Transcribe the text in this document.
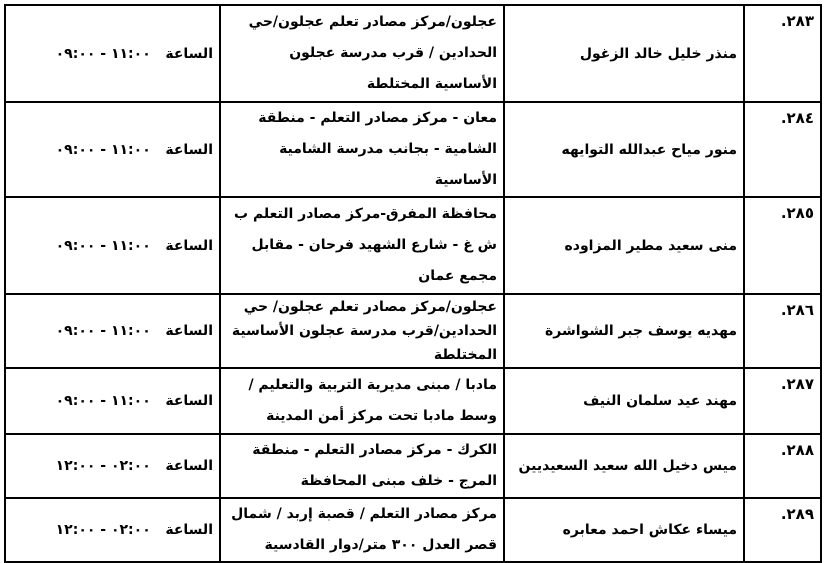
٢٨٣.	منذر خليل خالد الزغول	عجلون/مركز مصادر تعلم عجلون/حي الحدادين / قرب مدرسة عجلون الأساسية المختلطة	الساعة   ١١:٠٠ - ٠٩:٠٠
٢٨٤.	منور مياح عبدالله التوايهه	معان - مركز مصادر التعلم - منطقة الشامية - بجانب مدرسة الشامية الأساسية	الساعة   ١١:٠٠ - ٠٩:٠٠
٢٨٥.	منى سعيد مطير المزاوده	محافظة المفرق-مركز مصادر التعلم ب ش غ - شارع الشهيد فرحان - مقابل مجمع عمان	الساعة   ١١:٠٠ - ٠٩:٠٠
٢٨٦.	مهديه يوسف جبر الشواشرة	عجلون/مركز مصادر تعلم عجلون/ حي الحدادين/قرب مدرسة عجلون الأساسية المختلطة	الساعة   ١١:٠٠ - ٠٩:٠٠
٢٨٧.	مهند عيد سلمان النيف	مادبا / مبنى مديرية التربية والتعليم /وسط مادبا تحت مركز أمن المدينة	الساعة   ١١:٠٠ - ٠٩:٠٠
٢٨٨.	ميس دخيل الله سعيد السعيديين	الكرك - مركز مصادر التعلم - منطقة المرج - خلف مبنى المحافظة	الساعة   ٠٢:٠٠ - ١٢:٠٠
٢٨٩.	ميساء عكاش احمد معابره	مركز مصادر التعلم / قصبة إربد / شمال قصر العدل ٣٠٠ متر/دوار القادسية	الساعة   ٠٢:٠٠ - ١٢:٠٠
